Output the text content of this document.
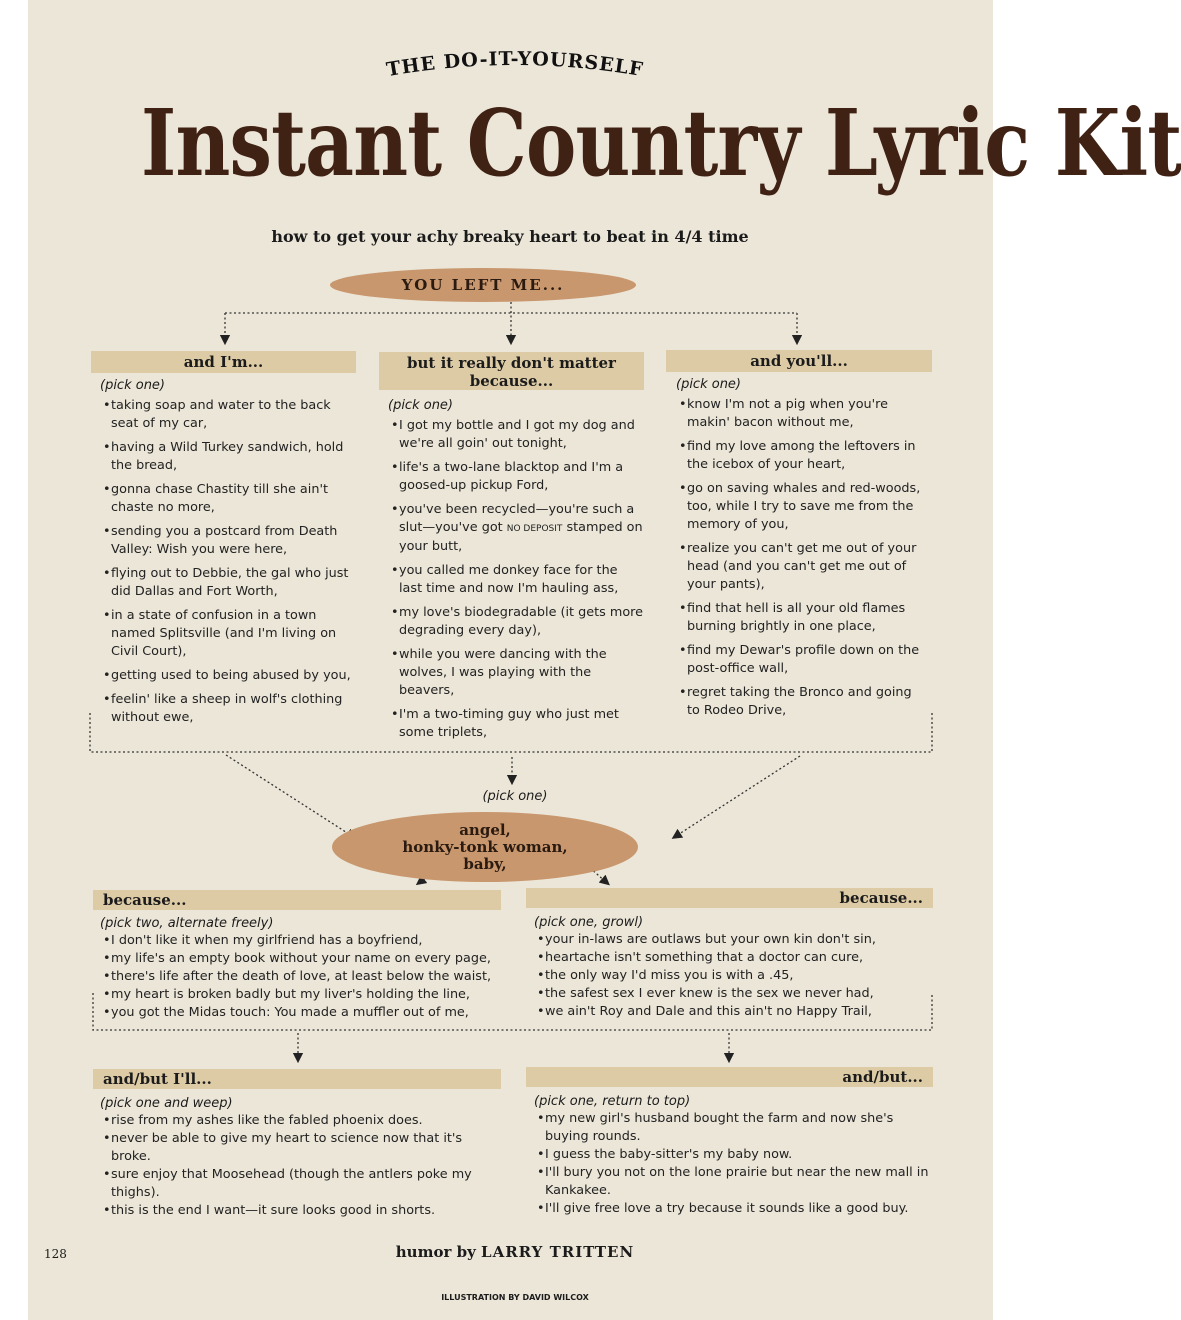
THE DO-IT-YOURSELF
Instant Country Lyric Kit
how to get your achy breaky heart to beat in 4/4 time
YOU LEFT ME...
and I'm...
(pick one)
•taking soap and water to the back seat of my car,
•having a Wild Turkey sandwich, hold the bread,
•gonna chase Chastity till she ain't chaste no more,
•sending you a postcard from Death Valley: Wish you were here,
•flying out to Debbie, the gal who just did Dallas and Fort Worth,
•in a state of confusion in a town named Splitsville (and I'm living on Civil Court),
•getting used to being abused by you,
•feelin' like a sheep in wolf's clothing without ewe,
but it really don't matter because...
(pick one)
•I got my bottle and I got my dog and we're all goin' out tonight,
•life's a two-lane blacktop and I'm a goosed-up pickup Ford,
•you've been recycled—you're such a slut—you've got NO DEPOSIT stamped on your butt,
•you called me donkey face for the last time and now I'm hauling ass,
•my love's biodegradable (it gets more degrading every day),
•while you were dancing with the wolves, I was playing with the beavers,
•I'm a two-timing guy who just met some triplets,
and you'll...
(pick one)
•know I'm not a pig when you're makin' bacon without me,
•find my love among the leftovers in the icebox of your heart,
•go on saving whales and red-woods, too, while I try to save me from the memory of you,
•realize you can't get me out of your head (and you can't get me out of your pants),
•find that hell is all your old flames burning brightly in one place,
•find my Dewar's profile down on the post-office wall,
•regret taking the Bronco and going to Rodeo Drive,
(pick one)
angel,
honky-tonk woman,
baby,
because...
(pick two, alternate freely)
•I don't like it when my girlfriend has a boyfriend,
•my life's an empty book without your name on every page,
•there's life after the death of love, at least below the waist,
•my heart is broken badly but my liver's holding the line,
•you got the Midas touch: You made a muffler out of me,
because...
(pick one, growl)
•your in-laws are outlaws but your own kin don't sin,
•heartache isn't something that a doctor can cure,
•the only way I'd miss you is with a .45,
•the safest sex I ever knew is the sex we never had,
•we ain't Roy and Dale and this ain't no Happy Trail,
and/but I'll...
(pick one and weep)
•rise from my ashes like the fabled phoenix does.
•never be able to give my heart to science now that it's broke.
•sure enjoy that Moosehead (though the antlers poke my thighs).
•this is the end I want—it sure looks good in shorts.
and/but...
(pick one, return to top)
•my new girl's husband bought the farm and now she's buying rounds.
•I guess the baby-sitter's my baby now.
•I'll bury you not on the lone prairie but near the new mall in Kankakee.
•I'll give free love a try because it sounds like a good buy.
128	humor by LARRY TRITTEN
ILLUSTRATION BY DAVID WILCOX
